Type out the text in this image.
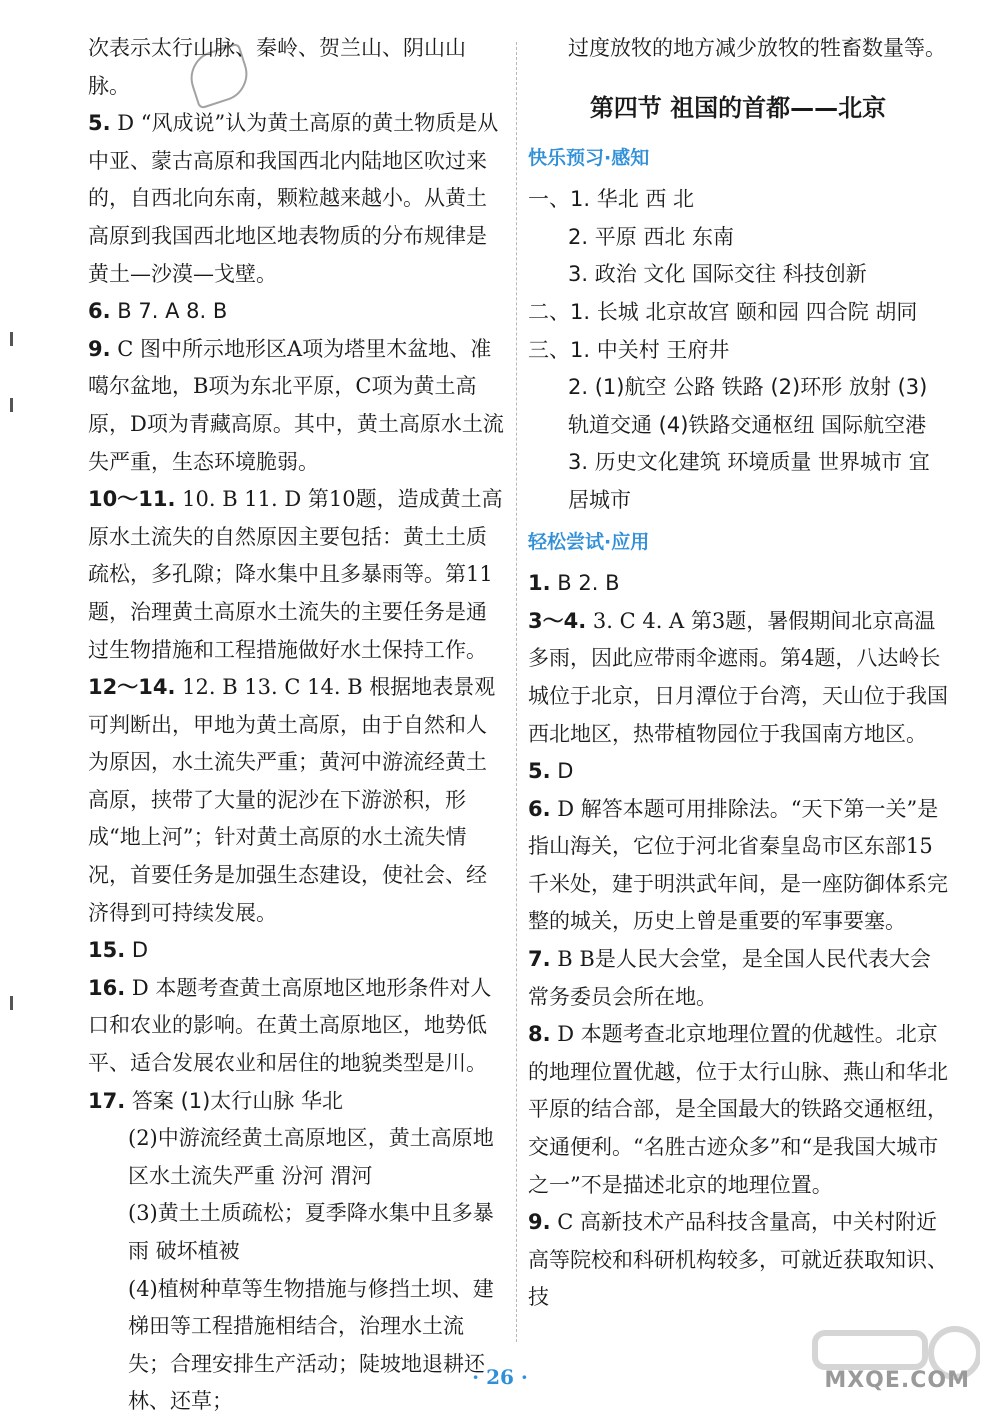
次表示太行山脉、秦岭、贺兰山、阴山山脉。

5. D “风成说”认为黄土高原的黄土物质是从中亚、蒙古高原和我国西北内陆地区吹过来的，自西北向东南，颗粒越来越小。从黄土高原到我国西北地区地表物质的分布规律是黄土—沙漠—戈壁。

6. B 7. A 8. B

9. C 图中所示地形区A项为塔里木盆地、准噶尔盆地，B项为东北平原，C项为黄土高原，D项为青藏高原。其中，黄土高原水土流失严重，生态环境脆弱。

10～11. 10. B 11. D 第10题，造成黄土高原水土流失的自然原因主要包括：黄土土质疏松，多孔隙；降水集中且多暴雨等。第11题，治理黄土高原水土流失的主要任务是通过生物措施和工程措施做好水土保持工作。

12～14. 12. B 13. C 14. B 根据地表景观可判断出，甲地为黄土高原，由于自然和人为原因，水土流失严重；黄河中游流经黄土高原，挟带了大量的泥沙在下游淤积，形成“地上河”；针对黄土高原的水土流失情况，首要任务是加强生态建设，使社会、经济得到可持续发展。

15. D

16. D 本题考查黄土高原地区地形条件对人口和农业的影响。在黄土高原地区，地势低平、适合发展农业和居住的地貌类型是川。

17. 答案 (1)太行山脉 华北

(2)中游流经黄土高原地区，黄土高原地区水土流失严重 汾河 渭河

(3)黄土土质疏松；夏季降水集中且多暴雨 破坏植被

(4)植树种草等生物措施与修挡土坝、建梯田等工程措施相结合，治理水土流失；合理安排生产活动；陡坡地退耕还林、还草；

过度放牧的地方减少放牧的牲畜数量等。

第四节 祖国的首都——北京
快乐预习·感知

一、1. 华北 西 北

2. 平原 西北 东南

3. 政治 文化 国际交往 科技创新

二、1. 长城 北京故宫 颐和园 四合院 胡同

三、1. 中关村 王府井

2. (1)航空 公路 铁路 (2)环形 放射 (3)轨道交通 (4)铁路交通枢纽 国际航空港

3. 历史文化建筑 环境质量 世界城市 宜居城市

轻松尝试·应用

1. B 2. B

3～4. 3. C 4. A 第3题，暑假期间北京高温多雨，因此应带雨伞遮雨。第4题，八达岭长城位于北京，日月潭位于台湾，天山位于我国西北地区，热带植物园位于我国南方地区。

5. D

6. D 解答本题可用排除法。“天下第一关”是指山海关，它位于河北省秦皇岛市区东部15千米处，建于明洪武年间，是一座防御体系完整的城关，历史上曾是重要的军事要塞。

7. B B是人民大会堂，是全国人民代表大会常务委员会所在地。

8. D 本题考查北京地理位置的优越性。北京的地理位置优越，位于太行山脉、燕山和华北平原的结合部，是全国最大的铁路交通枢纽，交通便利。“名胜古迹众多”和“是我国大城市之一”不是描述北京的地理位置。

9. C 高新技术产品科技含量高，中关村附近高等院校和科研机构较多，可就近获取知识、技

· 26 ·	MXQE.COM
